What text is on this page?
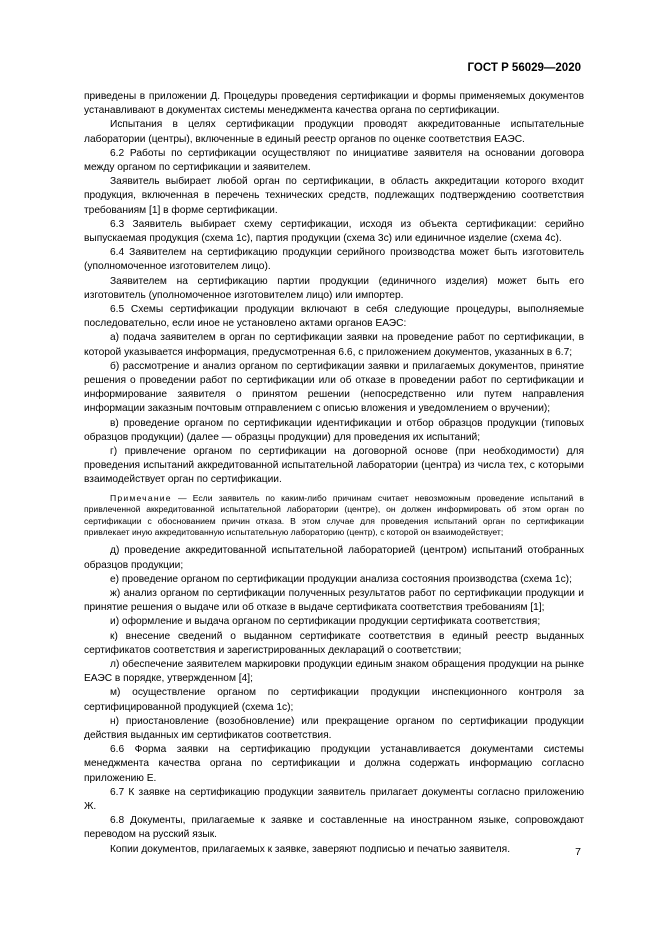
ГОСТ Р 56029—2020

приведены в приложении Д. Процедуры проведения сертификации и формы применяемых документов устанавливают в документах системы менеджмента качества органа по сертификации.

Испытания в целях сертификации продукции проводят аккредитованные испытательные лаборатории (центры), включенные в единый реестр органов по оценке соответствия ЕАЭС.

6.2 Работы по сертификации осуществляют по инициативе заявителя на основании договора между органом по сертификации и заявителем.

Заявитель выбирает любой орган по сертификации, в область аккредитации которого входит продукция, включенная в перечень технических средств, подлежащих подтверждению соответствия требованиям [1] в форме сертификации.

6.3 Заявитель выбирает схему сертификации, исходя из объекта сертификации: серийно выпускаемая продукция (схема 1с), партия продукции (схема 3с) или единичное изделие (схема 4с).

6.4 Заявителем на сертификацию продукции серийного производства может быть изготовитель (уполномоченное изготовителем лицо).

Заявителем на сертификацию партии продукции (единичного изделия) может быть его изготовитель (уполномоченное изготовителем лицо) или импортер.

6.5 Схемы сертификации продукции включают в себя следующие процедуры, выполняемые последовательно, если иное не установлено актами органов ЕАЭС:

а) подача заявителем в орган по сертификации заявки на проведение работ по сертификации, в которой указывается информация, предусмотренная 6.6, с приложением документов, указанных в 6.7;

б) рассмотрение и анализ органом по сертификации заявки и прилагаемых документов, принятие решения о проведении работ по сертификации или об отказе в проведении работ по сертификации и информирование заявителя о принятом решении (непосредственно или путем направления информации заказным почтовым отправлением с описью вложения и уведомлением о вручении);

в) проведение органом по сертификации идентификации и отбор образцов продукции (типовых образцов продукции) (далее — образцы продукции) для проведения их испытаний;

г) привлечение органом по сертификации на договорной основе (при необходимости) для проведения испытаний аккредитованной испытательной лаборатории (центра) из числа тех, с которыми взаимодействует орган по сертификации.

Примечание — Если заявитель по каким-либо причинам считает невозможным проведение испытаний в привлеченной аккредитованной испытательной лаборатории (центре), он должен информировать об этом орган по сертификации с обоснованием причин отказа. В этом случае для проведения испытаний орган по сертификации привлекает иную аккредитованную испытательную лабораторию (центр), с которой он взаимодействует;

д) проведение аккредитованной испытательной лабораторией (центром) испытаний отобранных образцов продукции;

е) проведение органом по сертификации продукции анализа состояния производства (схема 1с);

ж) анализ органом по сертификации полученных результатов работ по сертификации продукции и принятие решения о выдаче или об отказе в выдаче сертификата соответствия требованиям [1];

и) оформление и выдача органом по сертификации продукции сертификата соответствия;

к) внесение сведений о выданном сертификате соответствия в единый реестр выданных сертификатов соответствия и зарегистрированных деклараций о соответствии;

л) обеспечение заявителем маркировки продукции единым знаком обращения продукции на рынке ЕАЭС в порядке, утвержденном [4];

м) осуществление органом по сертификации продукции инспекционного контроля за сертифицированной продукцией (схема 1с);

н) приостановление (возобновление) или прекращение органом по сертификации продукции действия выданных им сертификатов соответствия.

6.6 Форма заявки на сертификацию продукции устанавливается документами системы менеджмента качества органа по сертификации и должна содержать информацию согласно приложению Е.

6.7 К заявке на сертификацию продукции заявитель прилагает документы согласно приложению Ж.

6.8 Документы, прилагаемые к заявке и составленные на иностранном языке, сопровождают переводом на русский язык.

Копии документов, прилагаемых к заявке, заверяют подписью и печатью заявителя.	7
